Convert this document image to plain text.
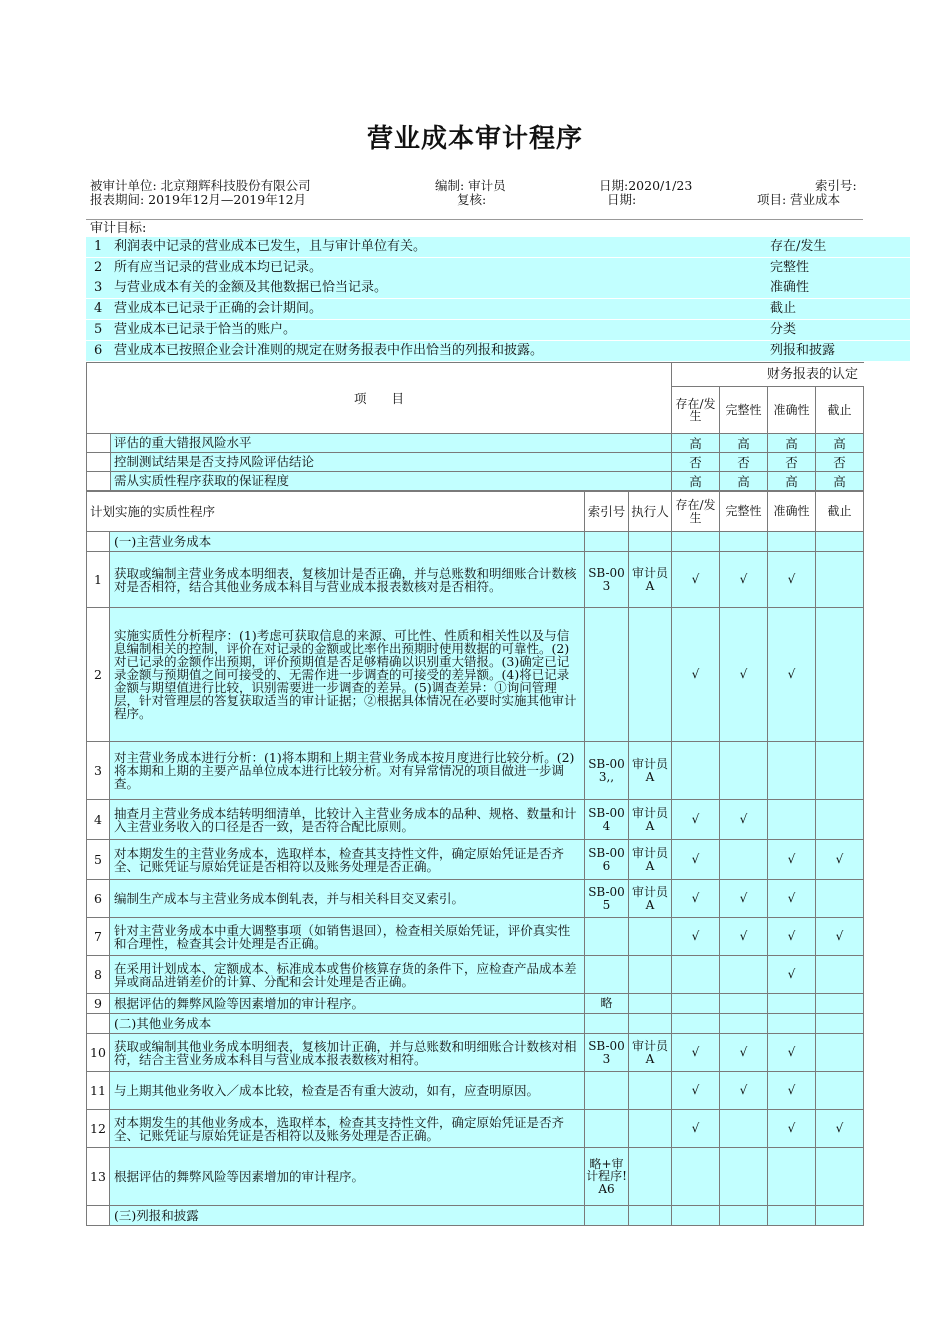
营业成本审计程序
被审计单位: 北京翔辉科技股份有限公司	编制: 审计员	日期:2020/1/23	索引号:
报表期间: 2019年12月—2019年12月	复核:	日期:	项目: 营业成本
审计目标:
1 利润表中记录的营业成本已发生，且与审计单位有关。	存在/发生
2 所有应当记录的营业成本均已记录。	完整性
3 与营业成本有关的金额及其他数据已恰当记录。	准确性
4 营业成本已记录于正确的会计期间。	截止
5 营业成本已记录于恰当的账户。	分类
6 营业成本已按照企业会计准则的规定在财务报表中作出恰当的列报和披露。	列报和披露
项　　目	财务报表的认定			
	存在/发生	完整性	准确性	截止

评估的重大错报风险水平	高	高	高	高

控制测试结果是否支持风险评估结论	否	否	否	否

需从实质性程序获取的保证程度	高	高	高	高
计划实施的实质性程序		索引号	执行人	存在/发生	完整性	准确性	截止
	(一)主营业务成本						
1	获取或编制主营业务成本明细表，复核加计是否正确，并与总账数和明细账合计数核对是否相符，结合其他业务成本科目与营业成本报表数核对是否相符。	SB-003	审计员A	√	√	√	
2	实施实质性分析程序：(1)考虑可获取信息的来源、可比性、性质和相关性以及与信息编制相关的控制，评价在对记录的金额或比率作出预期时使用数据的可靠性。(2)对已记录的金额作出预期，评价预期值是否足够精确以识别重大错报。(3)确定已记录金额与预期值之间可接受的、无需作进一步调查的可接受的差异额。(4)将已记录金额与期望值进行比较，识别需要进一步调查的差异。(5)调查差异：①询问管理层，针对管理层的答复获取适当的审计证据；②根据具体情况在必要时实施其他审计程序。			√	√	√	
3	对主营业务成本进行分析：(1)将本期和上期主营业务成本按月度进行比较分析。(2)将本期和上期的主要产品单位成本进行比较分析。对有异常情况的项目做进一步调查。	SB-003,,	审计员A				
4	抽查月主营业务成本结转明细清单，比较计入主营业务成本的品种、规格、数量和计入主营业务收入的口径是否一致，是否符合配比原则。	SB-004	审计员A	√	√		
5	对本期发生的主营业务成本，选取样本，检查其支持性文件，确定原始凭证是否齐全、记账凭证与原始凭证是否相符以及账务处理是否正确。	SB-006	审计员A	√		√	√
6	编制生产成本与主营业务成本倒轧表，并与相关科目交叉索引。	SB-005	审计员A	√	√	√	
7	针对主营业务成本中重大调整事项（如销售退回），检查相关原始凭证，评价真实性和合理性，检查其会计处理是否正确。			√	√	√	√
8	在采用计划成本、定额成本、标准成本或售价核算存货的条件下，应检查产品成本差异或商品进销差价的计算、分配和会计处理是否正确。					√	
9	根据评估的舞弊风险等因素增加的审计程序。	略					
	(二)其他业务成本						
10	获取或编制其他业务成本明细表，复核加计正确，并与总账数和明细账合计数核对相符，结合主营业务成本科目与营业成本报表数核对相符。	SB-003	审计员A	√	√	√	
11	与上期其他业务收入／成本比较，检查是否有重大波动，如有，应查明原因。			√	√	√	
12	对本期发生的其他业务成本，选取样本，检查其支持性文件，确定原始凭证是否齐全、记账凭证与原始凭证是否相符以及账务处理是否正确。			√		√	√
13	根据评估的舞弊风险等因素增加的审计程序。	略+审计程序!A6					
	(三)列报和披露						
